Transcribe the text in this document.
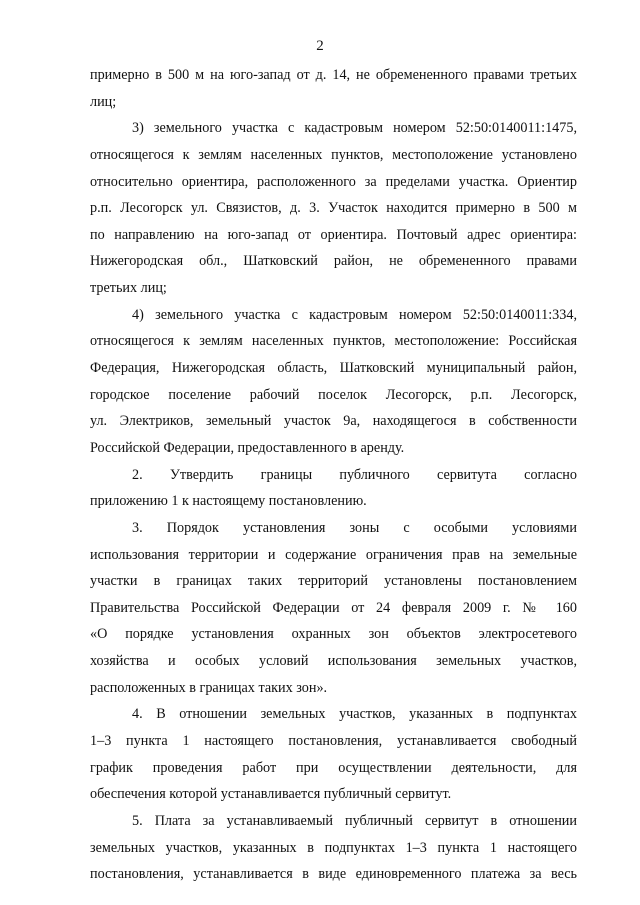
2
примерно в 500 м на юго-запад от д. 14, не обремененного правами третьих
лиц;
3) земельного участка с кадастровым номером 52:50:0140011:1475,
относящегося к землям населенных пунктов, местоположение установлено
относительно ориентира, расположенного за пределами участка. Ориентир
р.п. Лесогорск ул. Связистов, д. 3. Участок находится примерно в 500 м
по направлению на юго-запад от ориентира. Почтовый адрес ориентира:
Нижегородская обл., Шатковский район, не обремененного правами
третьих лиц;
4) земельного участка с кадастровым номером 52:50:0140011:334,
относящегося к землям населенных пунктов, местоположение: Российская
Федерация, Нижегородская область, Шатковский муниципальный район,
городское поселение рабочий поселок Лесогорск, р.п. Лесогорск,
ул. Электриков, земельный участок 9а, находящегося в собственности
Российской Федерации, предоставленного в аренду.
2. Утвердить границы публичного сервитута согласно
приложению 1 к настоящему постановлению.
3. Порядок установления зоны с особыми условиями
использования территории и содержание ограничения прав на земельные
участки в границах таких территорий установлены постановлением
Правительства Российской Федерации от 24 февраля 2009 г. № 160
«О порядке установления охранных зон объектов электросетевого
хозяйства и особых условий использования земельных участков,
расположенных в границах таких зон».
4. В отношении земельных участков, указанных в подпунктах
1–3 пункта 1 настоящего постановления, устанавливается свободный
график проведения работ при осуществлении деятельности, для
обеспечения которой устанавливается публичный сервитут.
5. Плата за устанавливаемый публичный сервитут в отношении
земельных участков, указанных в подпунктах 1–3 пункта 1 настоящего
постановления, устанавливается в виде единовременного платежа за весь
